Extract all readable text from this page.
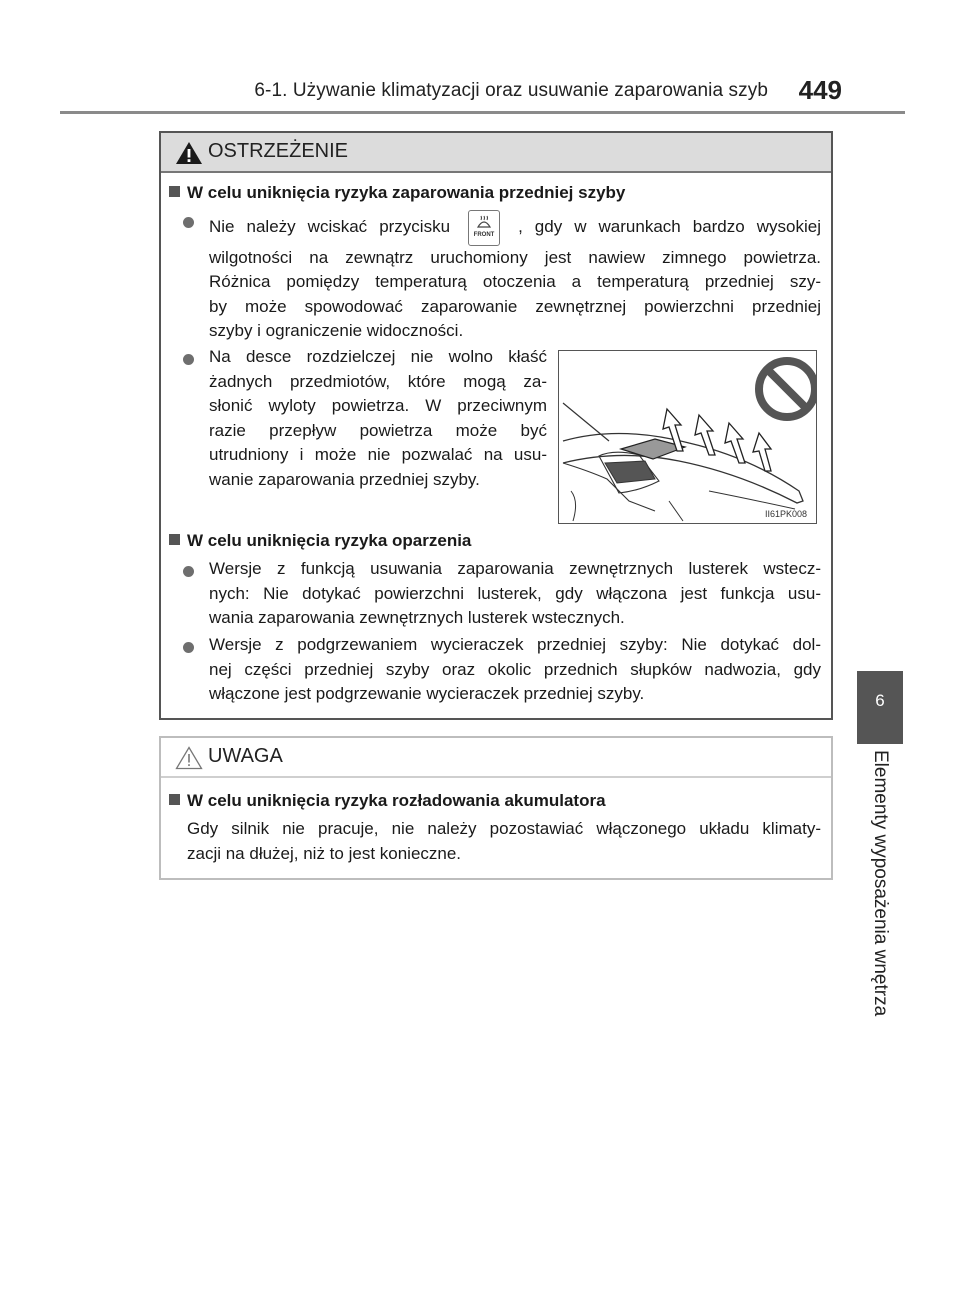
6-1. Używanie klimatyzacji oraz usuwanie zaparowania szyb 449
6
Elementy wyposażenia wnętrza
OSTRZEŻENIE
W celu uniknięcia ryzyka zaparowania przedniej szyby
Nie należy wciskać przycisku	FRONT , gdy w warunkach bardzo wysokiej
wilgotności na zewnątrz uruchomiony jest nawiew zimnego powietrza.
Różnica pomiędzy temperaturą otoczenia a temperaturą przedniej szy-
by może spowodować zaparowanie zewnętrznej powierzchni przedniej
szyby i ograniczenie widoczności.
Na desce rozdzielczej nie wolno kłaść
żadnych przedmiotów, które mogą za-
słonić wyloty powietrza. W przeciwnym
razie przepływ powietrza może być
utrudniony i może nie pozwalać na usu-
wanie zaparowania przedniej szyby.
II61PK008
W celu uniknięcia ryzyka oparzenia
Wersje z funkcją usuwania zaparowania zewnętrznych lusterek wstecz-
nych: Nie dotykać powierzchni lusterek, gdy włączona jest funkcja usu-
wania zaparowania zewnętrznych lusterek wstecznych.
Wersje z podgrzewaniem wycieraczek przedniej szyby: Nie dotykać dol-
nej części przedniej szyby oraz okolic przednich słupków nadwozia, gdy
włączone jest podgrzewanie wycieraczek przedniej szyby.
UWAGA
W celu uniknięcia ryzyka rozładowania akumulatora
Gdy silnik nie pracuje, nie należy pozostawiać włączonego układu klimaty-
zacji na dłużej, niż to jest konieczne.
